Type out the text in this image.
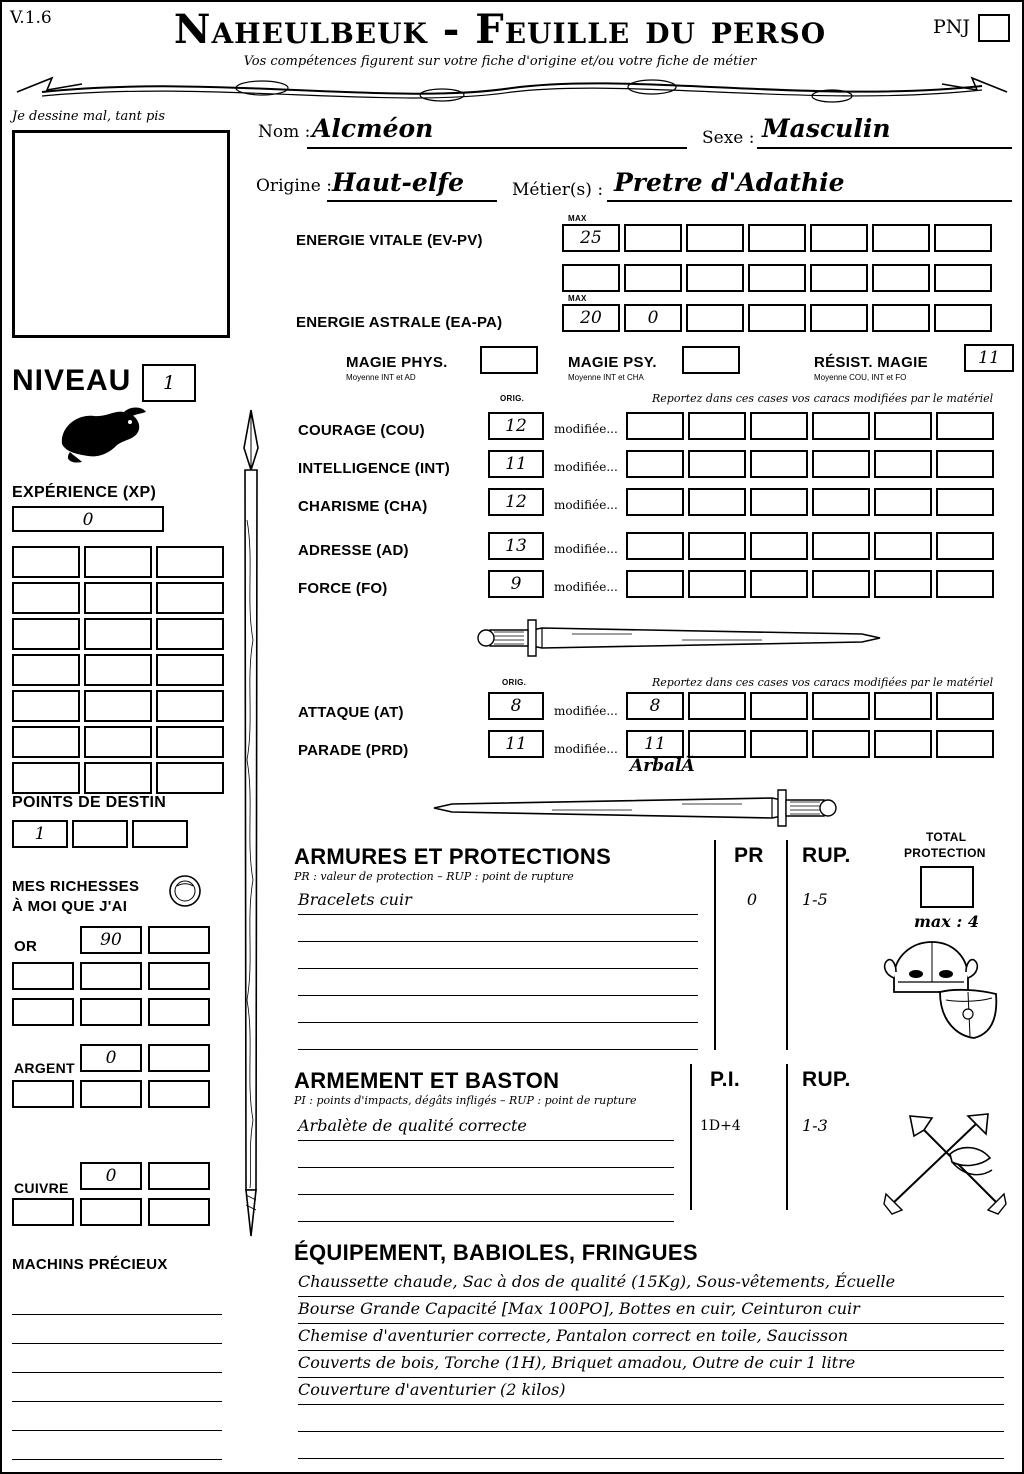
V.1.6	Naheulbeuk - Feuille du perso
Vos compétences figurent sur votre fiche d'origine et/ou votre fiche de métier
PNJ
Je dessine mal, tant pis
Nom : Alcméon	Sexe : Masculin
Origine : Haut-elfe	Métier(s) : Pretre d'Adathie
MAX
ENERGIE VITALE (EV-PV)	25
MAX
ENERGIE ASTRALE (EA-PA)	20	0
MAGIE PHYS.
Moyenne INT et AD
MAGIE PSY.
Moyenne INT et CHA
RÉSIST. MAGIE
Moyenne COU, INT et FO
11
ORIG.	Reportez dans ces cases vos caracs modifiées par le matériel
COURAGE (COU)	12	modifiée...
INTELLIGENCE (INT)	11	modifiée...
CHARISME (CHA)	12	modifiée...
ADRESSE (AD)	13	modifiée...
FORCE (FO)	9	modifiée...
ORIG.	Reportez dans ces cases vos caracs modifiées par le matériel
ATTAQUE (AT)	8	modifiée...	8
PARADE (PRD)	11	modifiée...	11
ArbalÃ
NIVEAU	1
EXPÉRIENCE (XP)
0
POINTS DE DESTIN
1
MES RICHESSES
À MOI QUE J'AI
OR	90
ARGENT	0
CUIVRE
0
MACHINS PRÉCIEUX
ARMURES ET PROTECTIONS
PR : valeur de protection – RUP : point de rupture
PR RUP.
Bracelets cuir	0	1-5
TOTAL
PROTECTION
max : 4
ARMEMENT ET BASTON
PI : points d'impacts, dégâts infligés – RUP : point de rupture
P.I.	RUP.
Arbalète de qualité correcte	1D+4	1-3
ÉQUIPEMENT, BABIOLES, FRINGUES
Chaussette chaude, Sac à dos de qualité (15Kg), Sous-vêtements, Écuelle
Bourse Grande Capacité [Max 100PO], Bottes en cuir, Ceinturon cuir
Chemise d'aventurier correcte, Pantalon correct en toile, Saucisson
Couverts de bois, Torche (1H), Briquet amadou, Outre de cuir 1 litre
Couverture d'aventurier (2 kilos)
